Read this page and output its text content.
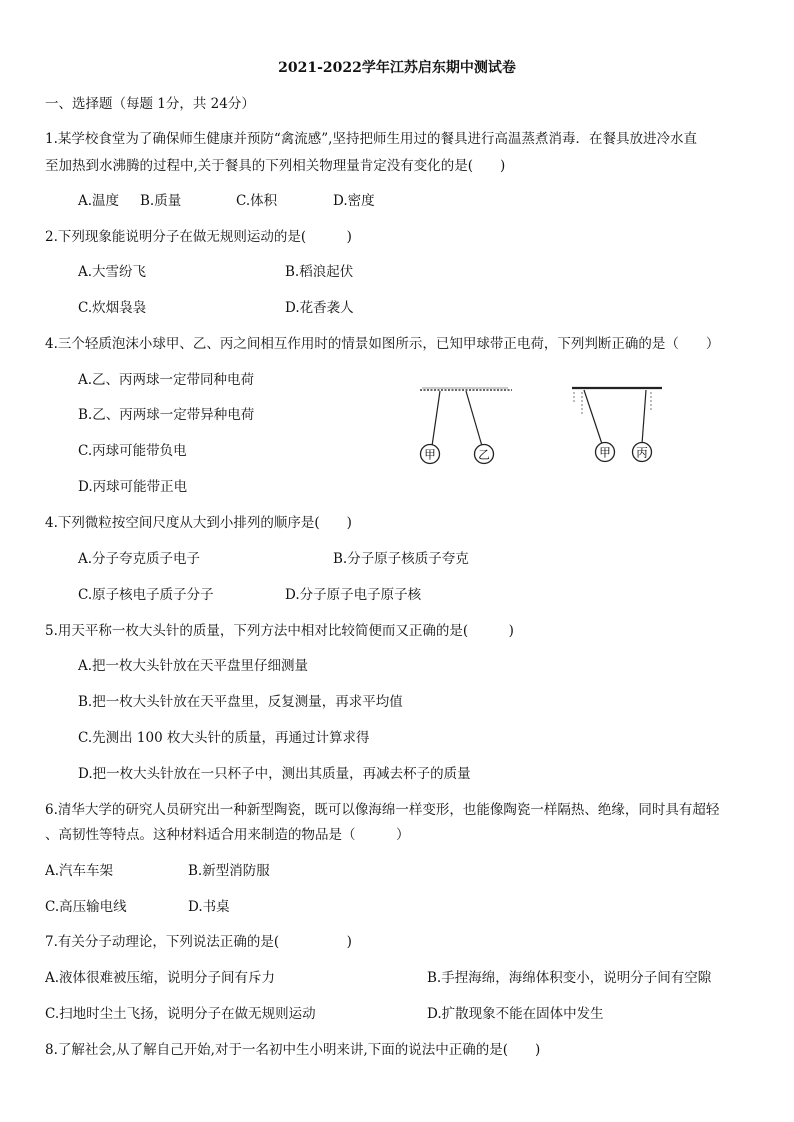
2021-2022学年江苏启东期中测试卷
一、选择题（每题 1分，共 24分）
1.某学校食堂为了确保师生健康并预防“禽流感”,坚持把师生用过的餐具进行高温蒸煮消毒．在餐具放进冷水直
至加热到水沸腾的过程中,关于餐具的下列相关物理量肯定没有变化的是(　　)
A.温度 B.质量	C.体积	D.密度
2.下列现象能说明分子在做无规则运动的是(　　　)
A.大雪纷飞	B.稻浪起伏
C.炊烟袅袅	D.花香袭人
4.三个轻质泡沫小球甲、乙、丙之间相互作用时的情景如图所示，已知甲球带正电荷，下列判断正确的是（　　）
A.乙、丙两球一定带同种电荷
B.乙、丙两球一定带异种电荷
C.丙球可能带负电
D.丙球可能带正电
甲	乙	甲 丙
4.下列微粒按空间尺度从大到小排列的顺序是(　　)
A.分子夸克质子电子	B.分子原子核质子夸克
C.原子核电子质子分子	D.分子原子电子原子核
5.用天平称一枚大头针的质量，下列方法中相对比较简便而又正确的是(　　　)
A.把一枚大头针放在天平盘里仔细测量
B.把一枚大头针放在天平盘里，反复测量，再求平均值
C.先测出 100 枚大头针的质量，再通过计算求得
D.把一枚大头针放在一只杯子中，测出其质量，再减去杯子的质量
6.清华大学的研究人员研究出一种新型陶瓷，既可以像海绵一样变形，也能像陶瓷一样隔热、绝缘，同时具有超轻
、高韧性等特点。这种材料适合用来制造的物品是（　　　）
A.汽车车架	B.新型消防服
C.高压输电线	D.书桌
7.有关分子动理论，下列说法正确的是(　　　　　)
A.液体很难被压缩，说明分子间有斥力	B.手捏海绵，海绵体积变小，说明分子间有空隙
C.扫地时尘土飞扬，说明分子在做无规则运动	D.扩散现象不能在固体中发生
8.了解社会,从了解自己开始,对于一名初中生小明来讲,下面的说法中正确的是(　　)
